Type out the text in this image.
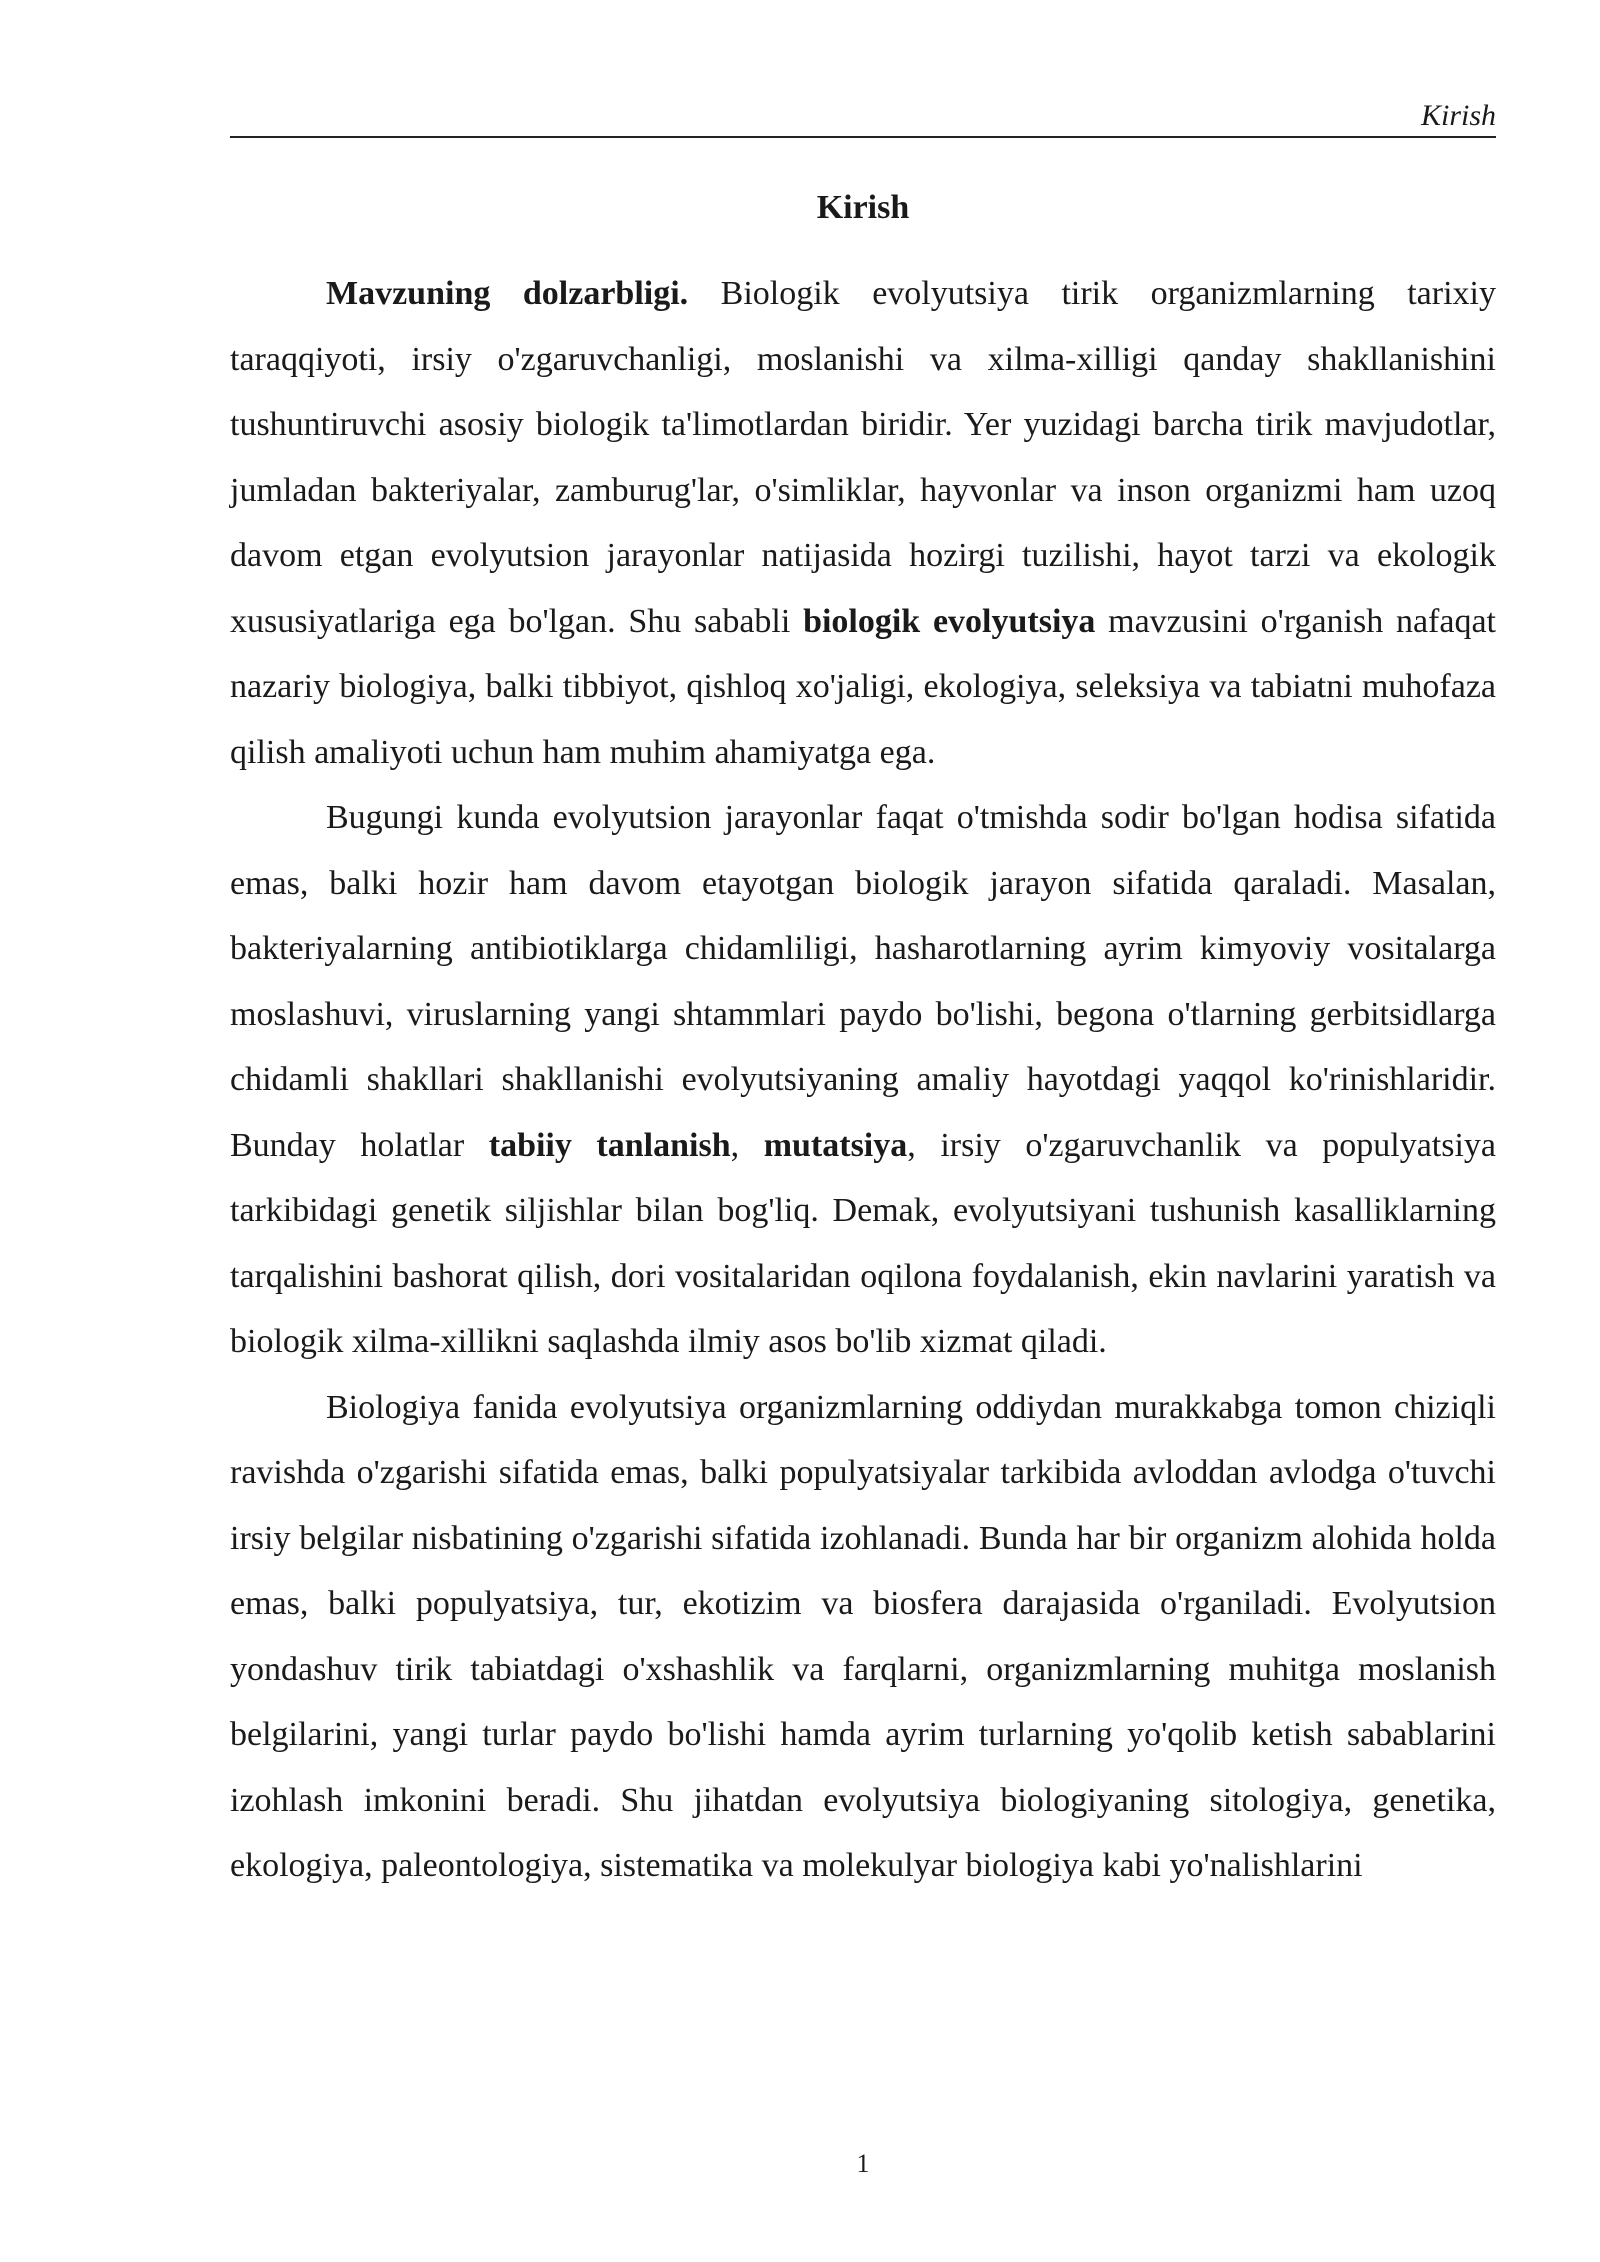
Kirish
Kirish

Mavzuning dolzarbligi. Biologik evolyutsiya tirik organizmlarning tarixiy taraqqiyoti, irsiy o'zgaruvchanligi, moslanishi va xilma-xilligi qanday shakllanishini tushuntiruvchi asosiy biologik ta'limotlardan biridir. Yer yuzidagi barcha tirik mavjudotlar, jumladan bakteriyalar, zamburug'lar, o'simliklar, hayvonlar va inson organizmi ham uzoq davom etgan evolyutsion jarayonlar natijasida hozirgi tuzilishi, hayot tarzi va ekologik xususiyatlariga ega bo'lgan. Shu sababli biologik evolyutsiya mavzusini o'rganish nafaqat nazariy biologiya, balki tibbiyot, qishloq xo'jaligi, ekologiya, seleksiya va tabiatni muhofaza qilish amaliyoti uchun ham muhim ahamiyatga ega.

Bugungi kunda evolyutsion jarayonlar faqat o'tmishda sodir bo'lgan hodisa sifatida emas, balki hozir ham davom etayotgan biologik jarayon sifatida qaraladi. Masalan, bakteriyalarning antibiotiklarga chidamliligi, hasharotlarning ayrim kimyoviy vositalarga moslashuvi, viruslarning yangi shtammlari paydo bo'lishi, begona o'tlarning gerbitsidlarga chidamli shakllari shakllanishi evolyutsiyaning amaliy hayotdagi yaqqol ko'rinishlaridir. Bunday holatlar tabiiy tanlanish, mutatsiya, irsiy o'zgaruvchanlik va populyatsiya tarkibidagi genetik siljishlar bilan bog'liq. Demak, evolyutsiyani tushunish kasalliklarning tarqalishini bashorat qilish, dori vositalaridan oqilona foydalanish, ekin navlarini yaratish va biologik xilma-xillikni saqlashda ilmiy asos bo'lib xizmat qiladi.

Biologiya fanida evolyutsiya organizmlarning oddiydan murakkabga tomon chiziqli ravishda o'zgarishi sifatida emas, balki populyatsiyalar tarkibida avloddan avlodga o'tuvchi irsiy belgilar nisbatining o'zgarishi sifatida izohlanadi. Bunda har bir organizm alohida holda emas, balki populyatsiya, tur, ekotizim va biosfera darajasida o'rganiladi. Evolyutsion yondashuv tirik tabiatdagi o'xshashlik va farqlarni, organizmlarning muhitga moslanish belgilarini, yangi turlar paydo bo'lishi hamda ayrim turlarning yo'qolib ketish sabablarini izohlash imkonini beradi. Shu jihatdan evolyutsiya biologiyaning sitologiya, genetika, ekologiya, paleontologiya, sistematika va molekulyar biologiya kabi yo'nalishlarini

1
